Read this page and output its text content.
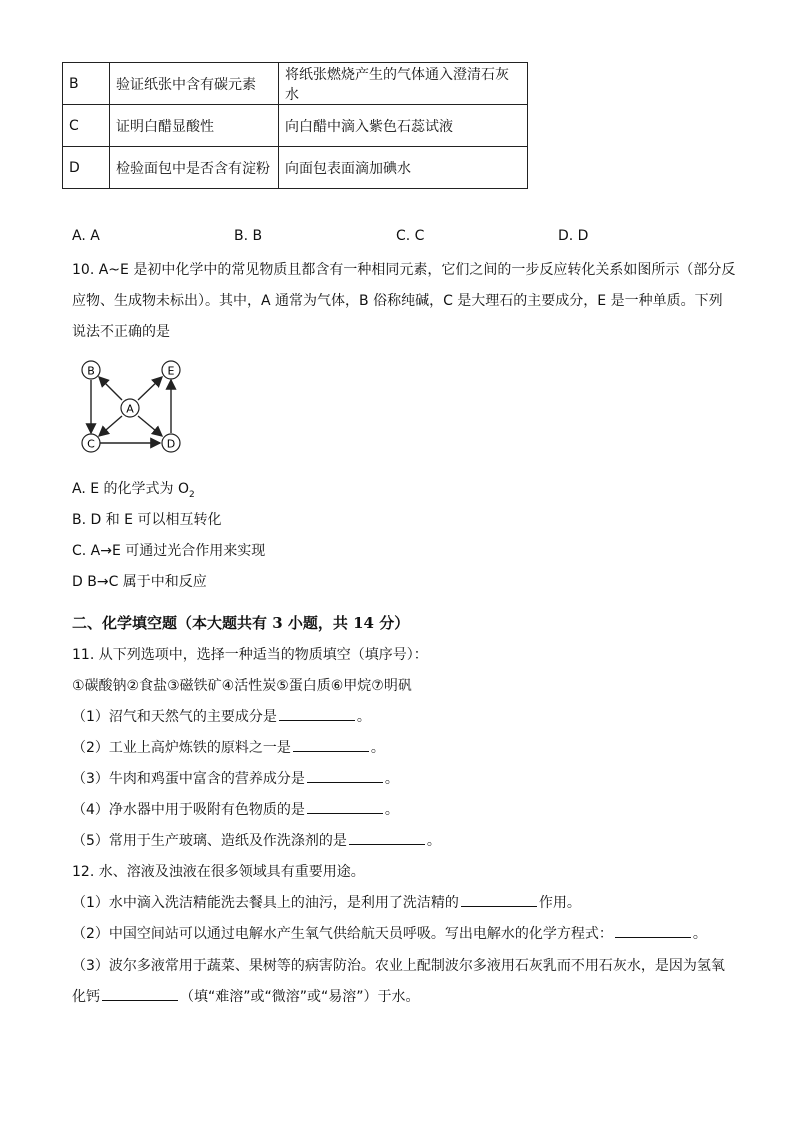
B	验证纸张中含有碳元素	将纸张燃烧产生的气体通入澄清石灰水
C	证明白醋显酸性	向白醋中滴入紫色石蕊试液
D	检验面包中是否含有淀粉	向面包表面滴加碘水
A. A	B. B	C. C	D. D
10. A~E 是初中化学中的常见物质且都含有一种相同元素，它们之间的一步反应转化关系如图所示（部分反
应物、生成物未标出）。其中，A 通常为气体，B 俗称纯碱，C 是大理石的主要成分，E 是一种单质。下列
说法不正确的是
B	E
A
C	D
A. E 的化学式为 $O_2$
B. D 和 E 可以相互转化
C. A→E 可通过光合作用来实现
D B→C 属于中和反应
二、化学填空题（本大题共有 3 小题，共 14 分）
11. 从下列选项中，选择一种适当的物质填空（填序号）：
①碳酸钠②食盐③磁铁矿④活性炭⑤蛋白质⑥甲烷⑦明矾
（1）沼气和天然气的主要成分是	。
（2）工业上高炉炼铁的原料之一是	。
（3）牛肉和鸡蛋中富含的营养成分是	。
（4）净水器中用于吸附有色物质的是	。
（5）常用于生产玻璃、造纸及作洗涤剂的是	。
12. 水、溶液及浊液在很多领域具有重要用途。
（1）水中滴入洗洁精能洗去餐具上的油污，是利用了洗洁精的	作用。
（2）中国空间站可以通过电解水产生氧气供给航天员呼吸。写出电解水的化学方程式：	。
（3）波尔多液常用于蔬菜、果树等的病害防治。农业上配制波尔多液用石灰乳而不用石灰水，是因为氢氧
化钙	（填“难溶”或“微溶”或“易溶”）于水。
